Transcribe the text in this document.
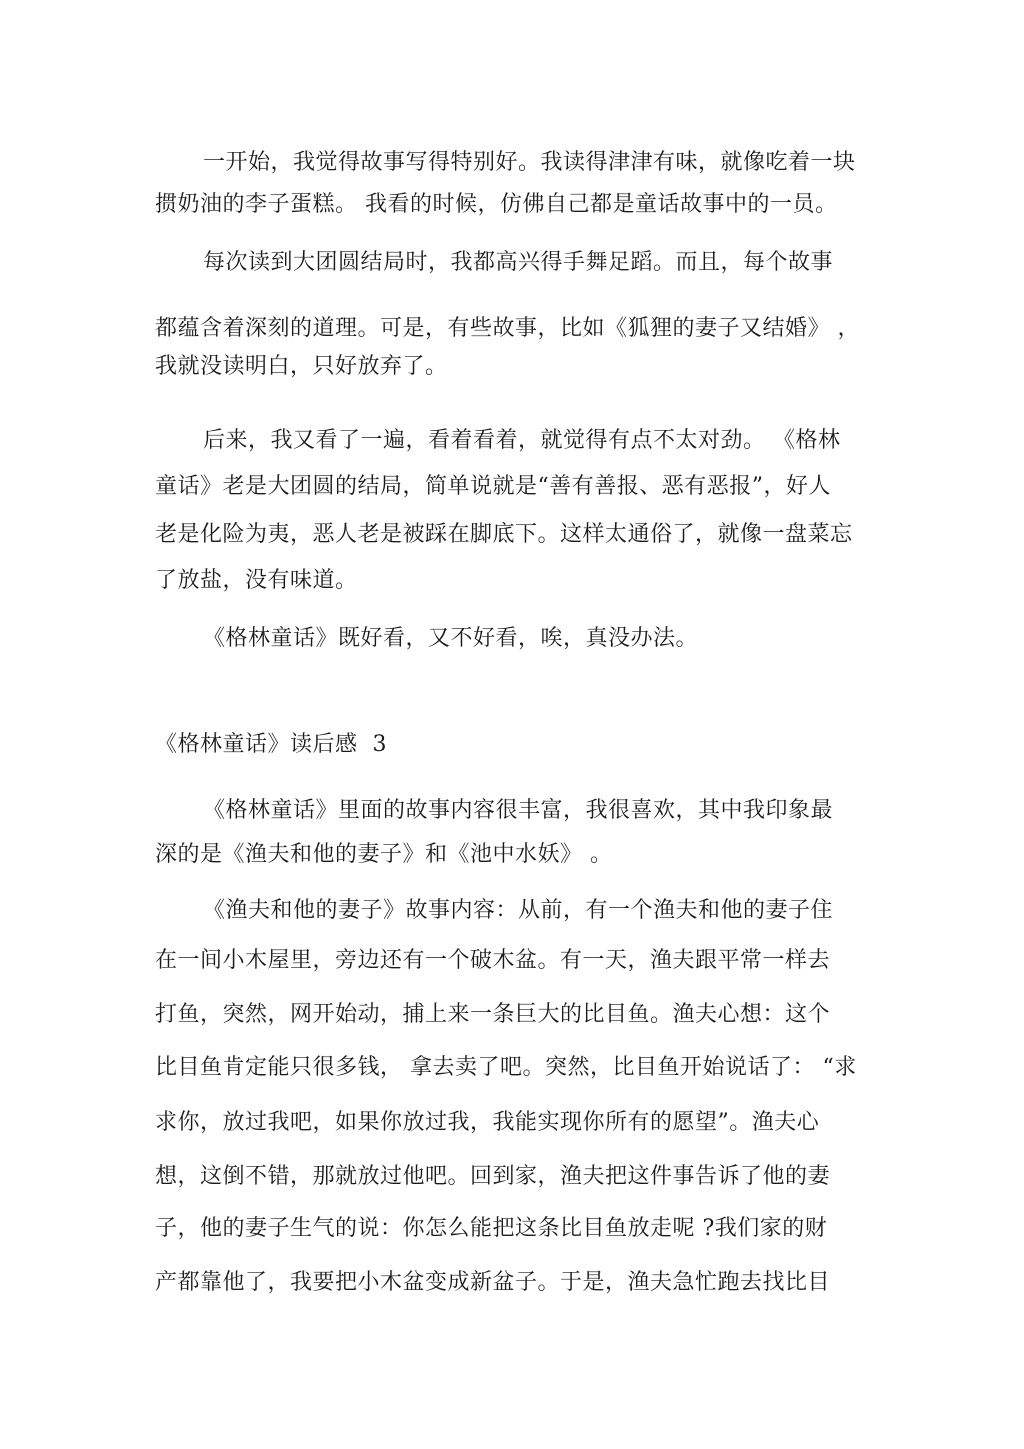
一开始，我觉得故事写得特别好。我读得津津有味，就像吃着一块
掼奶油的李子蛋糕。 我看的时候，仿佛自己都是童话故事中的一员。
每次读到大团圆结局时，我都高兴得手舞足蹈。而且，每个故事
都蕴含着深刻的道理。可是，有些故事，比如《狐狸的妻子又结婚》 ，
我就没读明白，只好放弃了。
后来，我又看了一遍，看着看着，就觉得有点不太对劲。 《格林
童话》老是大团圆的结局，简单说就是“善有善报、恶有恶报”，好人
老是化险为夷，恶人老是被踩在脚底下。这样太通俗了，就像一盘菜忘
了放盐，没有味道。
《格林童话》既好看，又不好看，唉，真没办法。
《格林童话》读后感  3
《格林童话》里面的故事内容很丰富，我很喜欢，其中我印象最
深的是《渔夫和他的妻子》和《池中水妖》 。
《渔夫和他的妻子》故事内容：从前，有一个渔夫和他的妻子住
在一间小木屋里，旁边还有一个破木盆。有一天，渔夫跟平常一样去
打鱼，突然，网开始动，捕上来一条巨大的比目鱼。渔夫心想：这个
比目鱼肯定能只很多钱， 拿去卖了吧。突然，比目鱼开始说话了： “求
求你，放过我吧，如果你放过我，我能实现你所有的愿望”。渔夫心
想，这倒不错，那就放过他吧。回到家，渔夫把这件事告诉了他的妻
子，他的妻子生气的说：你怎么能把这条比目鱼放走呢 ?我们家的财
产都靠他了，我要把小木盆变成新盆子。于是，渔夫急忙跑去找比目
